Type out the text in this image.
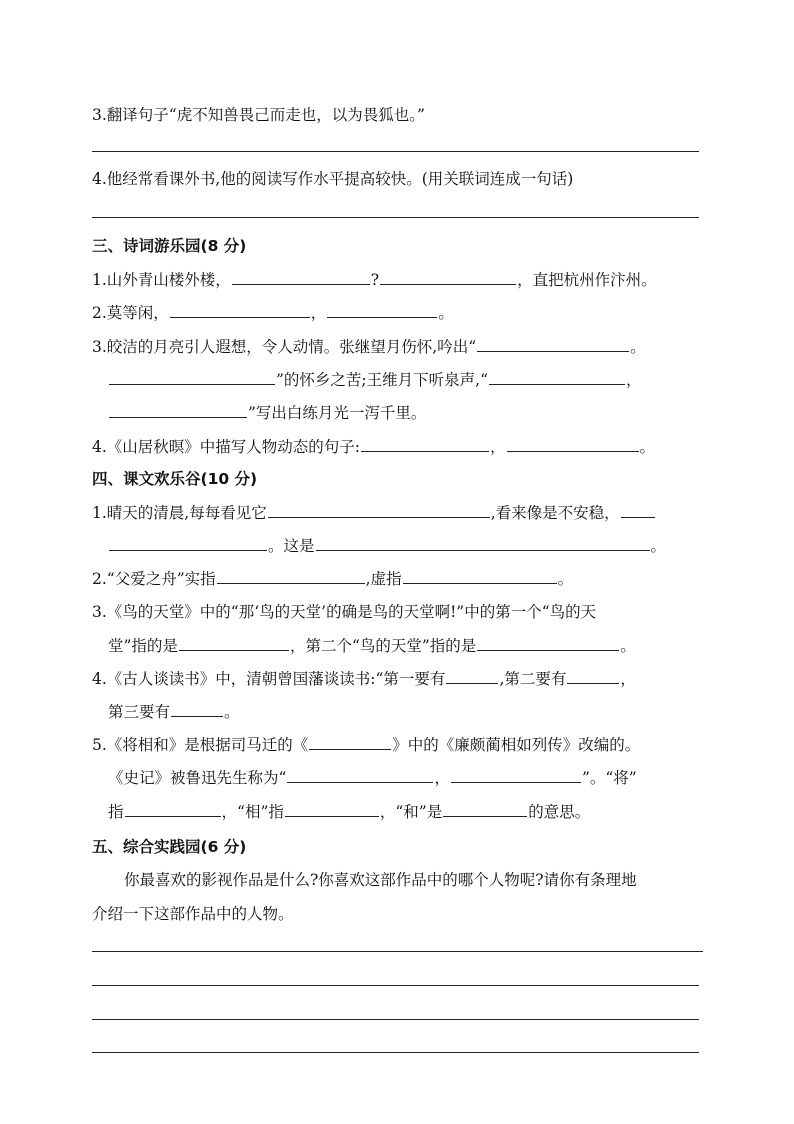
3.翻译句子“虎不知兽畏己而走也，以为畏狐也。”
4.他经常看课外书,他的阅读写作水平提高较快。(用关联词连成一句话)
三、诗词游乐园(8 分)
1.山外青山楼外楼，	?	，直把杭州作汴州。
2.莫等闲，	，	。
3.皎洁的月亮引人遐想，令人动情。张继望月伤怀,吟出“	。
”的怀乡之苦;王维月下听泉声,“	，
”写出白练月光一泻千里。
4.《山居秋暝》中描写人物动态的句子:	，	。
四、课文欢乐谷(10 分)
1.晴天的清晨,每每看见它	,看来像是不安稳，
。这是	。
2.“父爱之舟”实指	,虚指	。
3.《鸟的天堂》中的“那‘鸟的天堂’的确是鸟的天堂啊!”中的第一个“鸟的天
堂”指的是	，第二个“鸟的天堂”指的是	。
4.《古人谈读书》中，清朝曾国藩谈读书:“第一要有	,第二要有	，
第三要有	。
5.《将相和》是根据司马迁的《	》中的《廉颇蔺相如列传》改编的。
《史记》被鲁迅先生称为“	，	”。“将”
指	，“相”指	，“和”是	的意思。
五、综合实践园(6 分)
你最喜欢的影视作品是什么?你喜欢这部作品中的哪个人物呢?请你有条理地
介绍一下这部作品中的人物。
